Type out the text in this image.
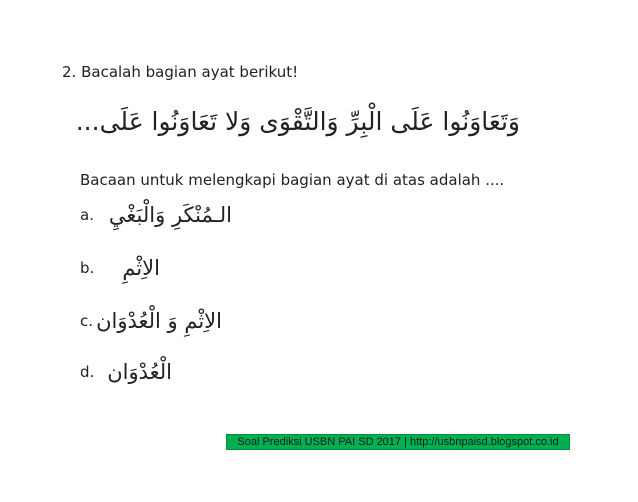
2. Bacalah bagian ayat berikut!
وَتَعَاوَنُوا عَلَى الْبِرِّ وَالتَّقْوَى وَلا تَعَاوَنُوا عَلَى...
Bacaan untuk melengkapi bagian ayat di atas adalah ....
a. الـمُنْكَرِ وَالْبَغْيِ
b.	الاِثْمِ
c. الاِثْمِ وَ الْعُدْوَان
d. الْعُدْوَان
Soal Prediksi USBN PAI SD 2017 | http://usbnpaisd.blogspot.co.id
